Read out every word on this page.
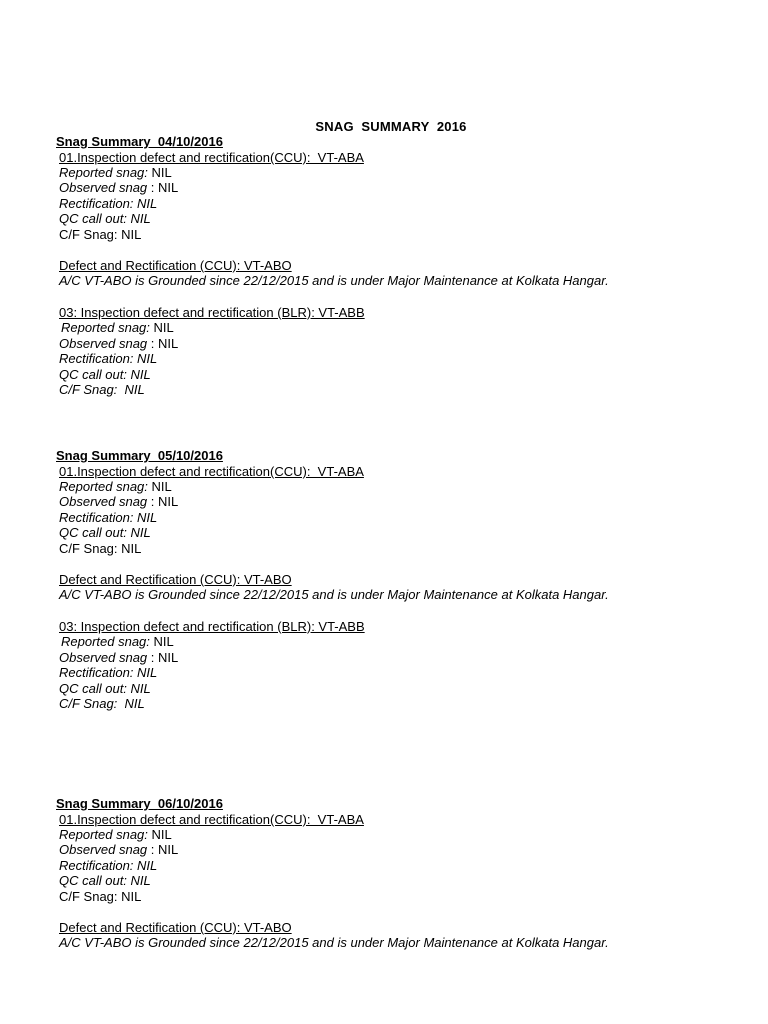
SNAG  SUMMARY  2016
Snag Summary  04/10/2016
01.Inspection defect and rectification(CCU):  VT-ABA
Reported snag: NIL
Observed snag : NIL
Rectification: NIL
QC call out: NIL
C/F Snag: NIL
Defect and Rectification (CCU): VT-ABO
A/C VT-ABO is Grounded since 22/12/2015 and is under Major Maintenance at Kolkata Hangar.
03: Inspection defect and rectification (BLR): VT-ABB
Reported snag: NIL
Observed snag : NIL
Rectification: NIL
QC call out: NIL
C/F Snag:  NIL
Snag Summary  05/10/2016
01.Inspection defect and rectification(CCU):  VT-ABA
Reported snag: NIL
Observed snag : NIL
Rectification: NIL
QC call out: NIL
C/F Snag: NIL
Defect and Rectification (CCU): VT-ABO
A/C VT-ABO is Grounded since 22/12/2015 and is under Major Maintenance at Kolkata Hangar.
03: Inspection defect and rectification (BLR): VT-ABB
Reported snag: NIL
Observed snag : NIL
Rectification: NIL
QC call out: NIL
C/F Snag:  NIL
Snag Summary  06/10/2016
01.Inspection defect and rectification(CCU):  VT-ABA
Reported snag: NIL
Observed snag : NIL
Rectification: NIL
QC call out: NIL
C/F Snag: NIL
Defect and Rectification (CCU): VT-ABO
A/C VT-ABO is Grounded since 22/12/2015 and is under Major Maintenance at Kolkata Hangar.
